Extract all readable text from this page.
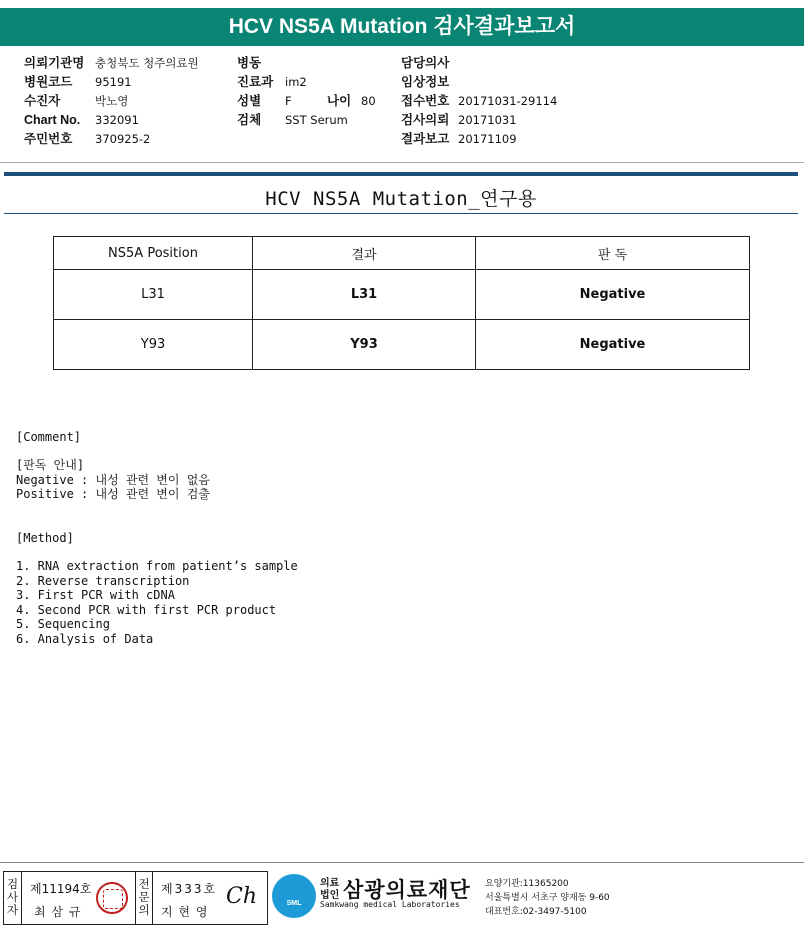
HCV NS5A Mutation 검사결과보고서
의뢰기관명 충청북도 청주의료원
병원코드 95191
수진자	박노영
Chart No. 332091
주민번호 370925-2
병동
진료과 im2
성별 F	나이 80
검체 SST Serum
담당의사
임상정보
접수번호 20171031-29114
검사의뢰 20171031
결과보고 20171109
HCV NS5A Mutation_연구용
NS5A Position	결과	판 독
L31	L31	Negative
Y93	Y93	Negative
[Comment]
[판독 안내]
Negative : 내성 관련 변이 없음
Positive : 내성 관련 변이 검출
[Method]
1. RNA extraction from patient’s sample
2. Reverse transcription
3. First PCR with cDNA
4. Second PCR with first PCR product
5. Sequencing
6. Analysis of Data
검사자
제11194호
최 삼 규
전문의
제333호
지 현 영
Ch	SML
의료
법인 삼광의료재단
Samkwang medical Laboratories
요양기관:11365200
서울특별시 서초구 양재동 9-60
대표번호:02-3497-5100
